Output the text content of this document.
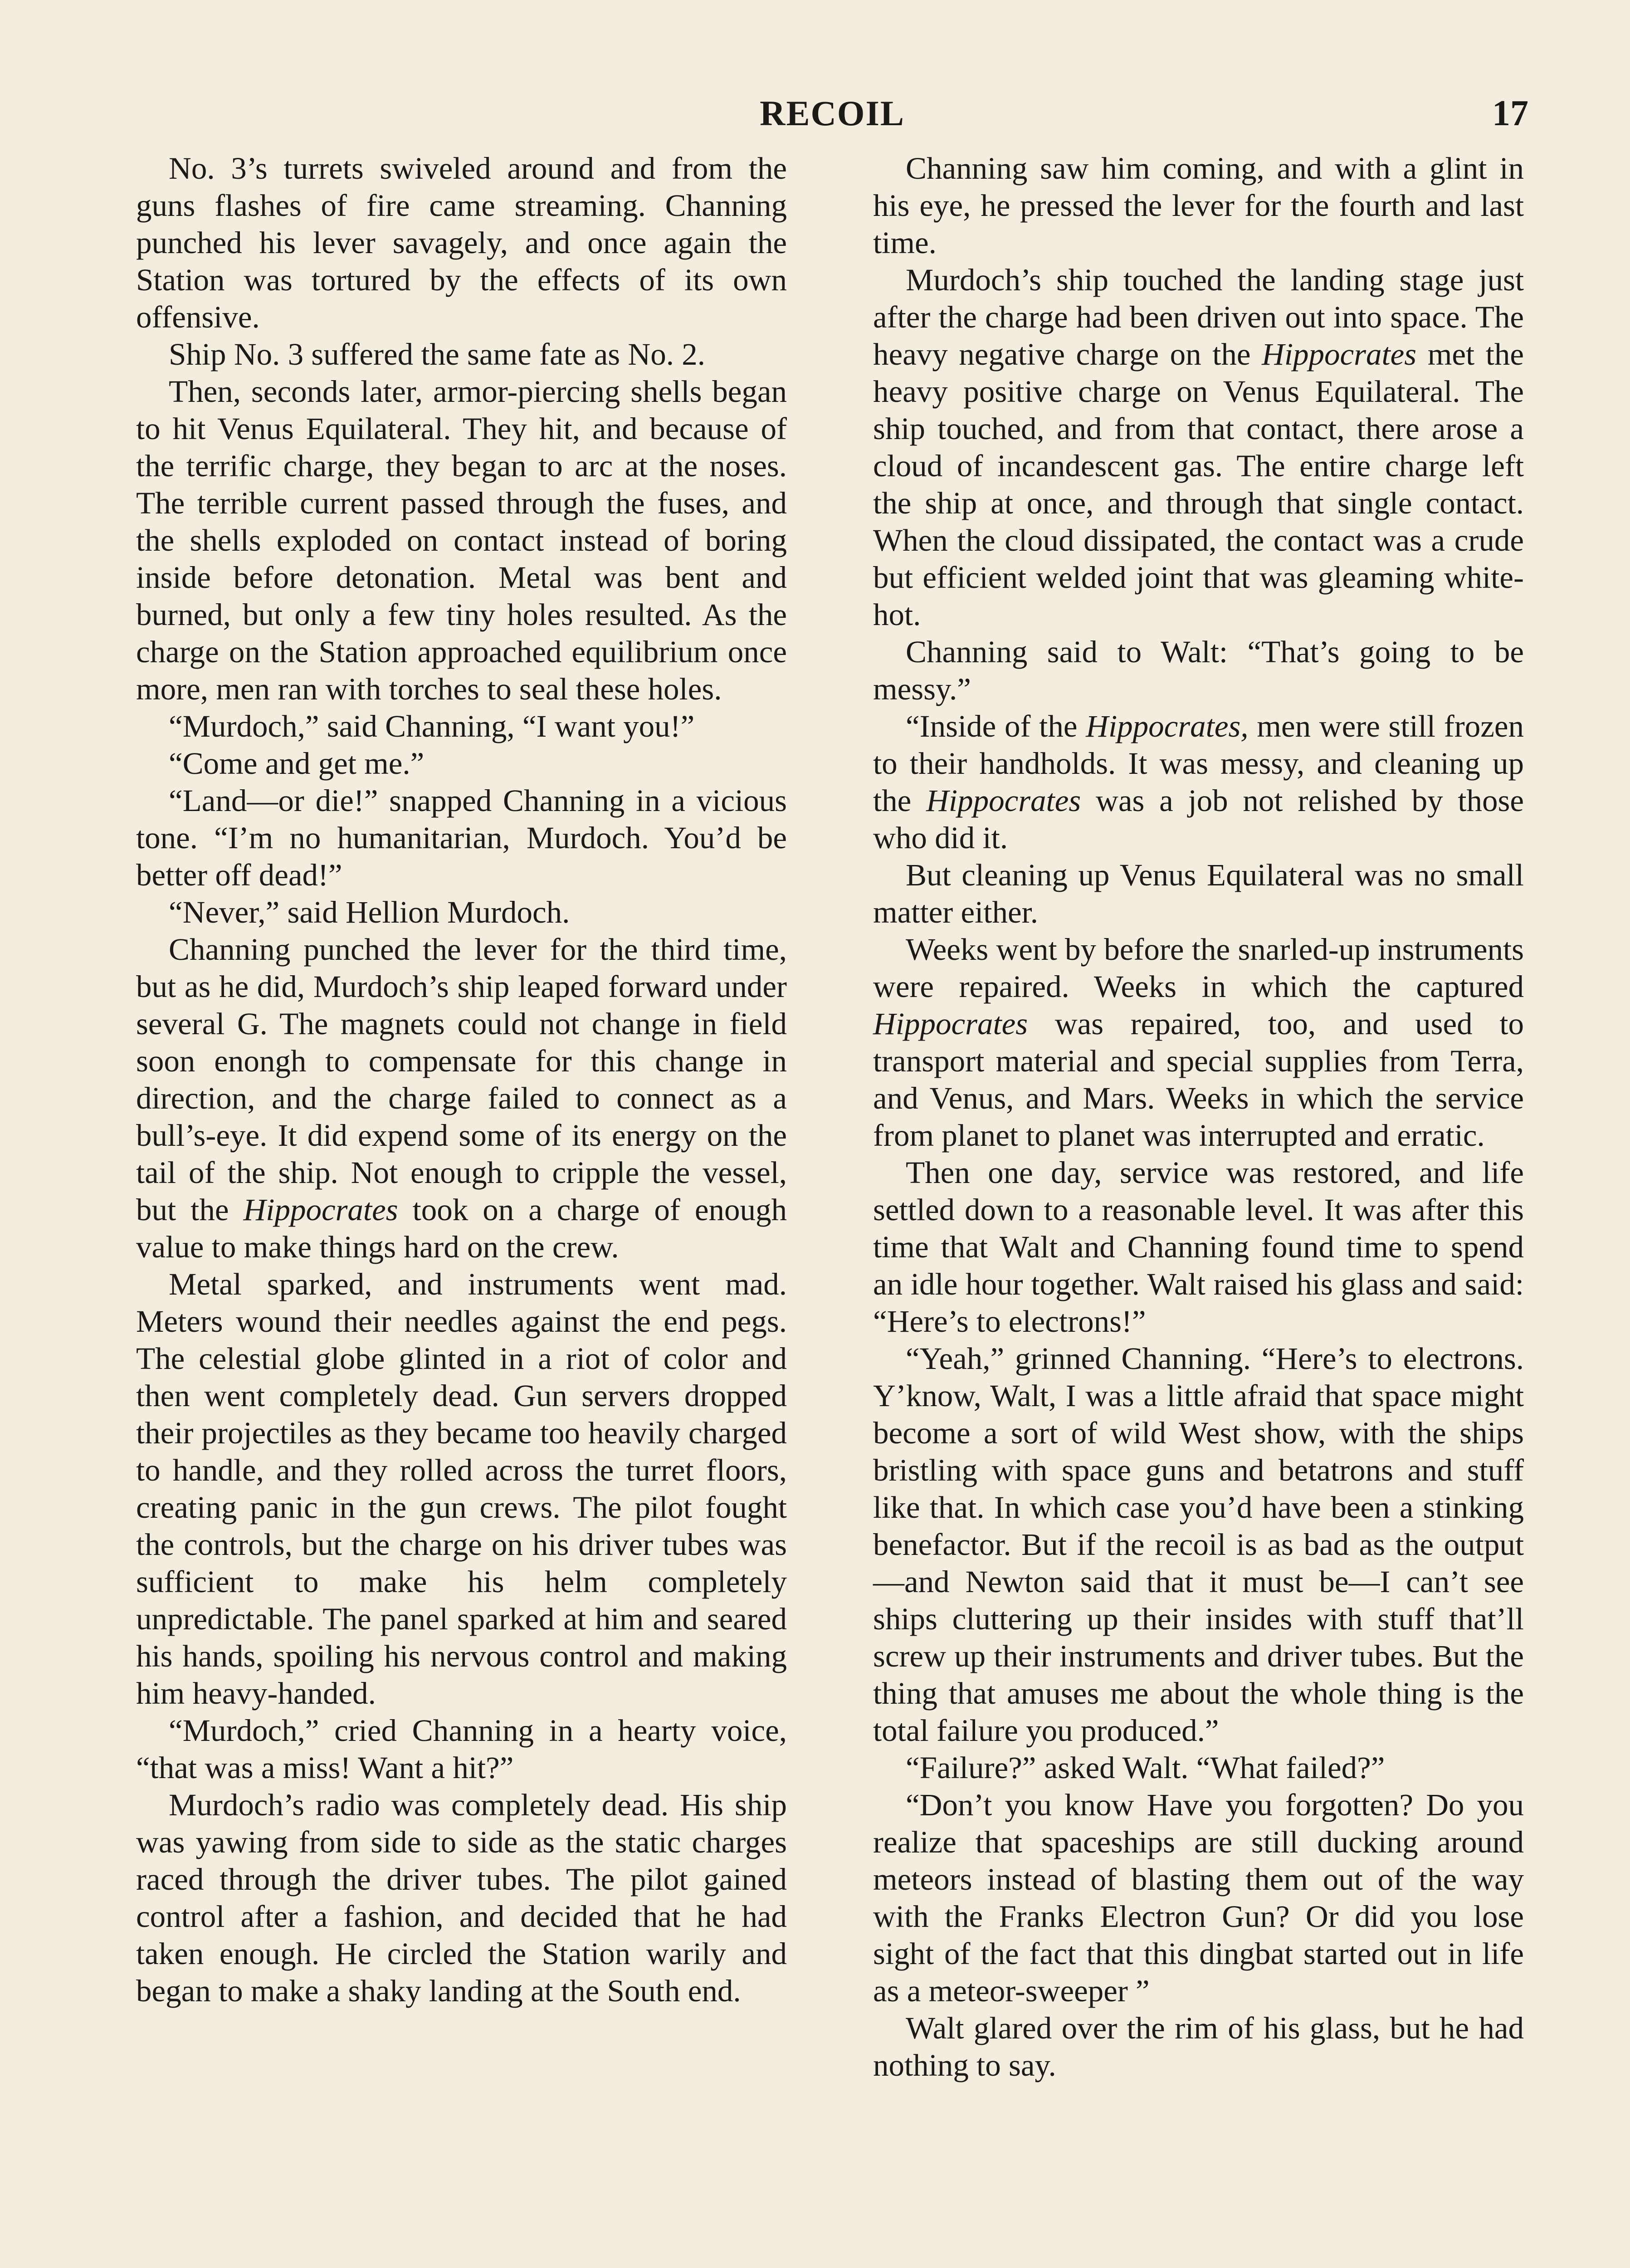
RECOIL	17

No. 3’s turrets swiveled around and from the guns flashes of fire came streaming. Channing punched his lever savagely, and once again the Station was tortured by the effects of its own offensive.

Ship No. 3 suffered the same fate as No. 2.

Then, seconds later, armor-piercing shells began to hit Venus Equilateral. They hit, and because of the terrific charge, they began to arc at the noses. The terrible current passed through the fuses, and the shells exploded on contact instead of boring inside before detonation. Metal was bent and burned, but only a few tiny holes resulted. As the charge on the Station approached equilibrium once more, men ran with torches to seal these holes.

“Murdoch,” said Channing, “I want you!”

“Come and get me.”

“Land—or die!” snapped Channing in a vicious tone. “I’m no humanitarian, Murdoch. You’d be better off dead!”

“Never,” said Hellion Murdoch.

Channing punched the lever for the third time, but as he did, Murdoch’s ship leaped forward under several G. The magnets could not change in field soon enongh to compensate for this change in direction, and the charge failed to connect as a bull’s-eye. It did expend some of its energy on the tail of the ship. Not enough to cripple the vessel, but the Hippocrates took on a charge of enough value to make things hard on the crew.

Metal sparked, and instruments went mad. Meters wound their needles against the end pegs. The celestial globe glinted in a riot of color and then went completely dead. Gun servers dropped their projectiles as they became too heavily charged to handle, and they rolled across the turret floors, creating panic in the gun crews. The pilot fought the controls, but the charge on his driver tubes was sufficient to make his helm completely unpredictable. The panel sparked at him and seared his hands, spoiling his nervous control and making him heavy-handed.

“Murdoch,” cried Channing in a hearty voice, “that was a miss! Want a hit?”

Murdoch’s radio was completely dead. His ship was yawing from side to side as the static charges raced through the driver tubes. The pilot gained control after a fashion, and decided that he had taken enough. He circled the Station warily and began to make a shaky landing at the South end.

Channing saw him coming, and with a glint in his eye, he pressed the lever for the fourth and last time.

Murdoch’s ship touched the landing stage just after the charge had been driven out into space. The heavy negative charge on the Hippocrates met the heavy positive charge on Venus Equilateral. The ship touched, and from that contact, there arose a cloud of incandescent gas. The entire charge left the ship at once, and through that single contact. When the cloud dissipated, the contact was a crude but efficient welded joint that was gleaming white-hot.

Channing said to Walt: “That’s going to be messy.”

“Inside of the Hippocrates, men were still frozen to their handholds. It was messy, and cleaning up the Hippocrates was a job not relished by those who did it.

But cleaning up Venus Equilateral was no small matter either.

Weeks went by before the snarled-up instruments were repaired. Weeks in which the captured Hippocrates was repaired, too, and used to transport material and special supplies from Terra, and Venus, and Mars. Weeks in which the service from planet to planet was interrupted and erratic.

Then one day, service was restored, and life settled down to a reasonable level. It was after this time that Walt and Channing found time to spend an idle hour together. Walt raised his glass and said: “Here’s to electrons!”

“Yeah,” grinned Channing. “Here’s to electrons. Y’know, Walt, I was a little afraid that space might become a sort of wild West show, with the ships bristling with space guns and betatrons and stuff like that. In which case you’d have been a stinking benefactor. But if the recoil is as bad as the output—and Newton said that it must be—I can’t see ships cluttering up their insides with stuff that’ll screw up their instruments and driver tubes. But the thing that amuses me about the whole thing is the total failure you produced.”

“Failure?” asked Walt. “What failed?”

“Don’t you know Have you forgotten? Do you realize that spaceships are still ducking around meteors instead of blasting them out of the way with the Franks Electron Gun? Or did you lose sight of the fact that this dingbat started out in life as a meteor-sweeper ”

Walt glared over the rim of his glass, but he had nothing to say.
